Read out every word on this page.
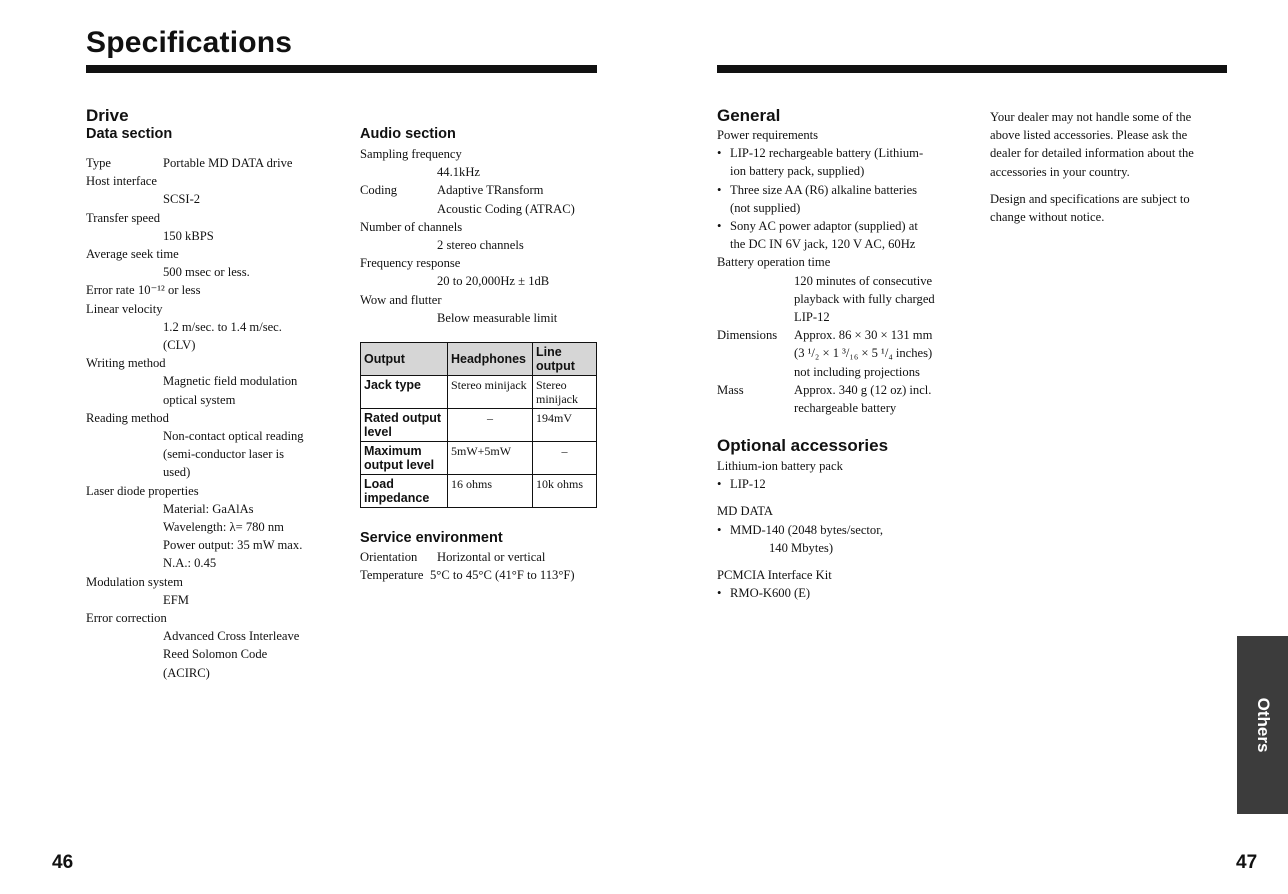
Specifications
Drive
Data section
Type	Portable MD DATA drive
Host interface
SCSI-2
Transfer speed
150 kBPS
Average seek time
500 msec or less.
Error rate 10⁻¹² or less
Linear velocity
1.2 m/sec. to 1.4 m/sec.
(CLV)
Writing method
Magnetic field modulation
optical system
Reading method
Non-contact optical reading
(semi-conductor laser is
used)
Laser diode properties
Material: GaAlAs
Wavelength: λ= 780 nm
Power output: 35 mW max.
N.A.: 0.45
Modulation system
EFM
Error correction
Advanced Cross Interleave
Reed Solomon Code
(ACIRC)
Audio section
Sampling frequency
44.1kHz
Coding	Adaptive TRansform
Acoustic Coding (ATRAC)
Number of channels
2 stereo channels
Frequency response
20 to 20,000Hz ± 1dB
Wow and flutter
Below measurable limit
Output	Headphones	Line output
Jack type	Stereo minijack	Stereo minijack
Rated output level	–	194mV
Maximum output level	5mW+5mW	–
Load impedance	16 ohms	10k ohms
Service environment
Orientation Horizontal or vertical
Temperature 5°C to 45°C (41°F to 113°F)
46
General
Power requirements
• LIP-12 rechargeable battery (Lithium-
ion battery pack, supplied)
• Three size AA (R6) alkaline batteries
(not supplied)
• Sony AC power adaptor (supplied) at
the DC IN 6V jack, 120 V AC, 60Hz
Battery operation time
120 minutes of consecutive
playback with fully charged
LIP-12
Dimensions Approx. 86 × 30 × 131 mm
(3 ¹/₂ × 1 ³/₁₆ × 5 ¹/₄ inches)
not including projections
Mass	Approx. 340 g (12 oz) incl.
rechargeable battery
Optional accessories
Lithium-ion battery pack
• LIP-12
MD DATA
• MMD-140 (2048 bytes/sector,
140 Mbytes)
PCMCIA Interface Kit
• RMO-K600 (E)
Your dealer may not handle some of the
above listed accessories. Please ask the
dealer for detailed information about the
accessories in your country.
Design and specifications are subject to
change without notice.
Others
47
